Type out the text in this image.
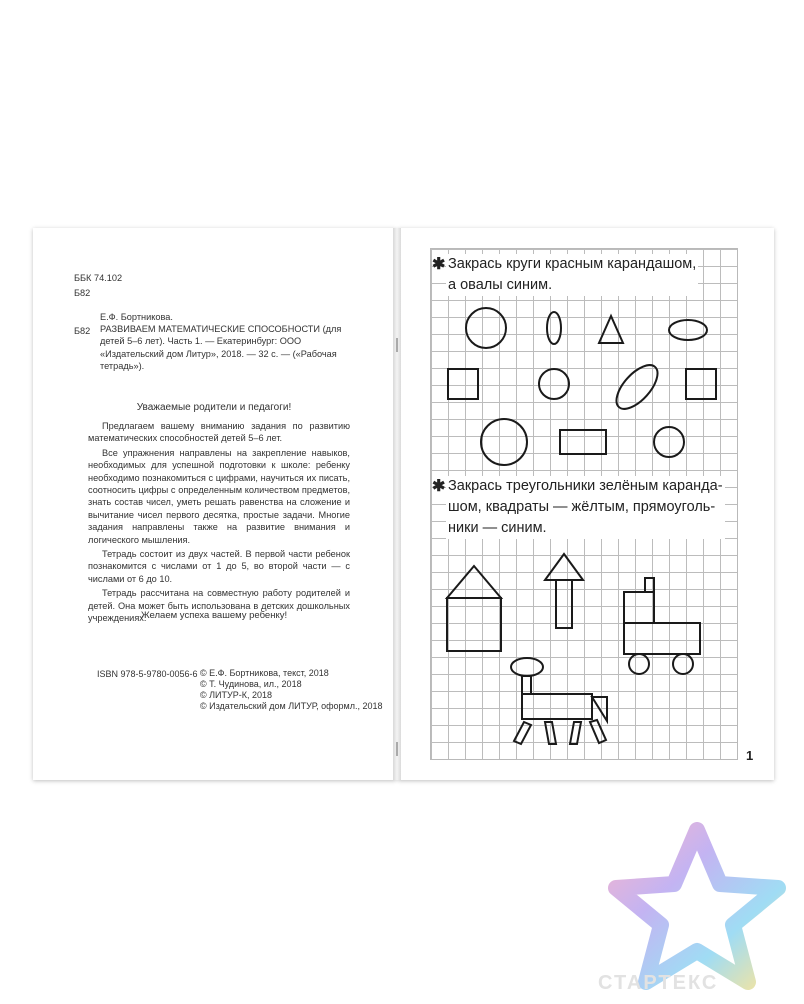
ББК 74.102
Б82
Е.Ф. Бортникова.
Б82 РАЗВИВАЕМ МАТЕМАТИЧЕСКИЕ СПОСОБНОСТИ (для детей 5–6 лет). Часть 1. — Екатеринбург: ООО «Издательский дом Литур», 2018. — 32 с. — («Рабочая тетрадь»).
Уважаемые родители и педагоги!

Предлагаем вашему вниманию задания по развитию математических способностей детей 5–6 лет.

Все упражнения направлены на закрепление навыков, необходимых для успешной подготовки к школе: ребенку необходимо познакомиться с цифрами, научиться их писать, соотносить цифры с определенным количеством предметов, знать состав чисел, уметь решать равенства на сложение и вычитание чисел первого десятка, простые задачи. Многие задания направлены также на развитие внимания и логического мышления.

Тетрадь состоит из двух частей. В первой части ребенок познакомится с числами от 1 до 5, во второй части — с числами от 6 до 10.

Тетрадь рассчитана на совместную работу родителей и детей. Она может быть использована в детских дошкольных учреждениях.

Желаем успеха вашему ребенку!
ISBN 978-5-9780-0056-6 © Е.Ф. Бортникова, текст, 2018
© Т. Чудинова, ил., 2018
© ЛИТУР-К, 2018
© Издательский дом ЛИТУР, оформл., 2018
✱ Закрась круги красным карандашом,
а овалы синим.
✱ Закрась треугольники зелёным каранда-
шом, квадраты — жёлтым, прямоуголь-
ники — синим.
1
СТАРТЕКС
